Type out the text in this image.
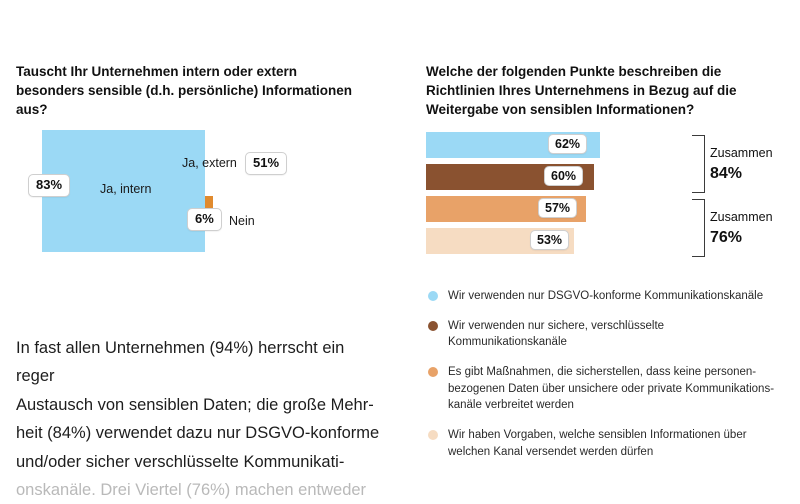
Tauscht Ihr Unternehmen intern oder extern besonders sensible (d.h. persönliche) Informationen aus?
Ja, intern
Ja, extern
Nein
83%
51%
6%
In fast allen Unternehmen (94%) herrscht ein reger
Austausch von sensiblen Daten; die große Mehr-
heit (84%) verwendet dazu nur DSGVO-konforme
und/oder sicher verschlüsselte Kommunikati-
onskanäle. Drei Viertel (76%) machen entweder
Welche der folgenden Punkte beschreiben die Richtlinien Ihres Unternehmens in Bezug auf die Weitergabe von sensiblen Informationen?
62%
60%
57%
53%
Zusammen
84%
Zusammen
76%
Wir verwenden nur DSGVO-konforme Kommunikationskanäle
Wir verwenden nur sichere, verschlüsselte Kommunikationskanäle
Es gibt Maßnahmen, die sicherstellen, dass keine personen-bezogenen Daten über unsichere oder private Kommunikations-kanäle verbreitet werden
Wir haben Vorgaben, welche sensiblen Informationen über welchen Kanal versendet werden dürfen
